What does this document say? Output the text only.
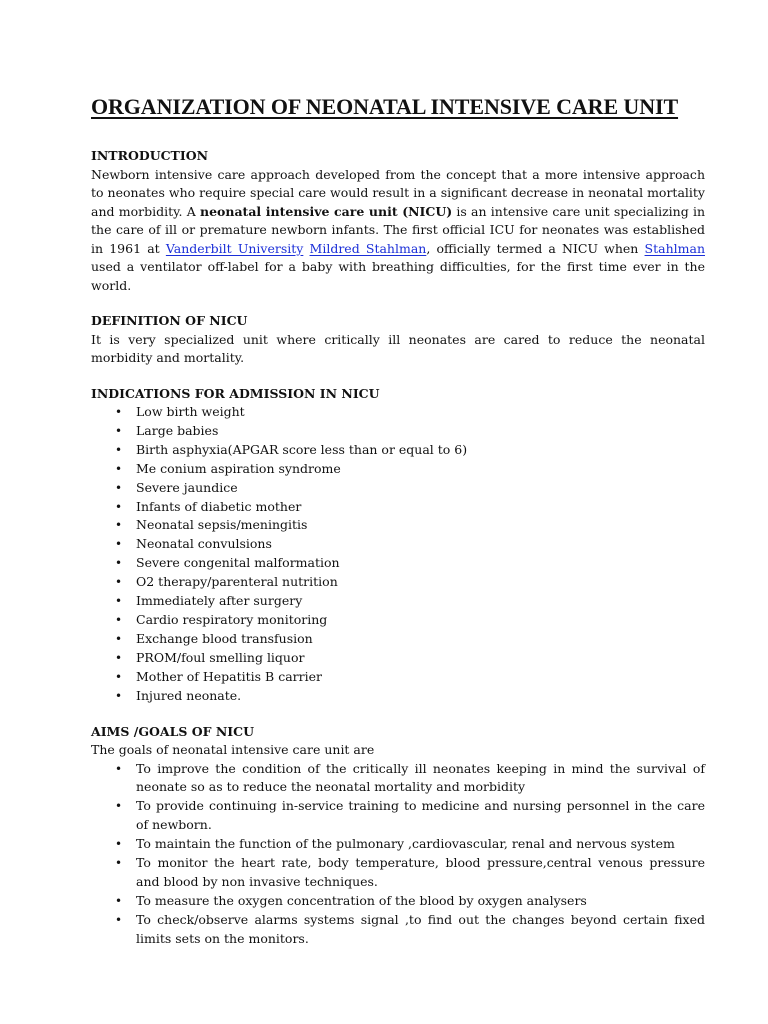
ORGANIZATION OF NEONATAL INTENSIVE CARE UNIT
INTRODUCTION

Newborn intensive care approach developed from the concept that a more intensive approach to neonates who require special care would result in a significant decrease in neonatal mortality and morbidity. A neonatal intensive care unit (NICU) is an intensive care unit specializing in the care of ill or premature newborn infants. The first official ICU for neonates was established in 1961 at Vanderbilt University Mildred Stahlman, officially termed a NICU when Stahlman used a ventilator off-label for a baby with breathing difficulties, for the first time ever in the world.

DEFINITION OF NICU

It is very specialized unit where critically ill neonates are cared to reduce the neonatal morbidity and mortality.

INDICATIONS FOR ADMISSION IN NICU
• Low birth weight
• Large babies
• Birth asphyxia(APGAR score less than or equal to 6)
• Me conium aspiration syndrome
• Severe jaundice
• Infants of diabetic mother
• Neonatal sepsis/meningitis
• Neonatal convulsions
• Severe congenital malformation
• O2 therapy/parenteral nutrition
• Immediately after surgery
• Cardio respiratory monitoring
• Exchange blood transfusion
• PROM/foul smelling liquor
• Mother of Hepatitis B carrier
• Injured neonate.
AIMS /GOALS OF NICU

The goals of neonatal intensive care unit are

• To improve the condition of the critically ill neonates keeping in mind the survival of neonate so as to reduce the neonatal mortality and morbidity
• To provide continuing in-service training to medicine and nursing personnel in the care of newborn.
• To maintain the function of the pulmonary ,cardiovascular, renal and nervous system
• To monitor the heart rate, body temperature, blood pressure,central venous pressure and blood by non invasive techniques.
• To measure the oxygen concentration of the blood by oxygen analysers
• To check/observe alarms systems signal ,to find out the changes beyond certain fixed limits sets on the monitors.
